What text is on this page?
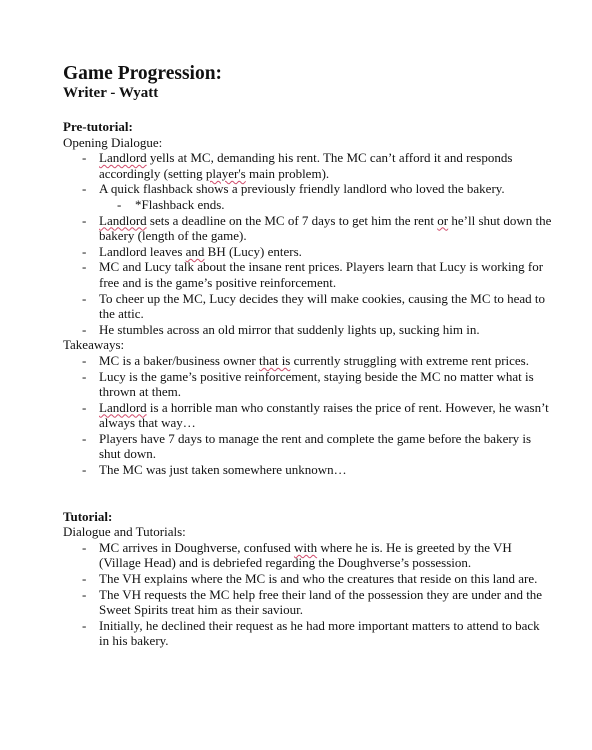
Game Progression:
Writer - Wyatt

Pre-tutorial:

Opening Dialogue:

- Landlord yells at MC, demanding his rent. The MC can’t afford it and responds accordingly (setting player's main problem).
- A quick flashback shows a previously friendly landlord who loved the bakery.
- *Flashback ends.
- Landlord sets a deadline on the MC of 7 days to get him the rent or he’ll shut down the bakery (length of the game).
- Landlord leaves and BH (Lucy) enters.
- MC and Lucy talk about the insane rent prices. Players learn that Lucy is working for free and is the game’s positive reinforcement.
- To cheer up the MC, Lucy decides they will make cookies, causing the MC to head to the attic.
- He stumbles across an old mirror that suddenly lights up, sucking him in.

Takeaways:

- MC is a baker/business owner that is currently struggling with extreme rent prices.
- Lucy is the game’s positive reinforcement, staying beside the MC no matter what is thrown at them.
- Landlord is a horrible man who constantly raises the price of rent. However, he wasn’t always that way…
- Players have 7 days to manage the rent and complete the game before the bakery is shut down.
- The MC was just taken somewhere unknown…

Tutorial:

Dialogue and Tutorials:

- MC arrives in Doughverse, confused with where he is. He is greeted by the VH (Village Head) and is debriefed regarding the Doughverse’s possession.
- The VH explains where the MC is and who the creatures that reside on this land are.
- The VH requests the MC help free their land of the possession they are under and the Sweet Spirits treat him as their saviour.
- Initially, he declined their request as he had more important matters to attend to back in his bakery.
